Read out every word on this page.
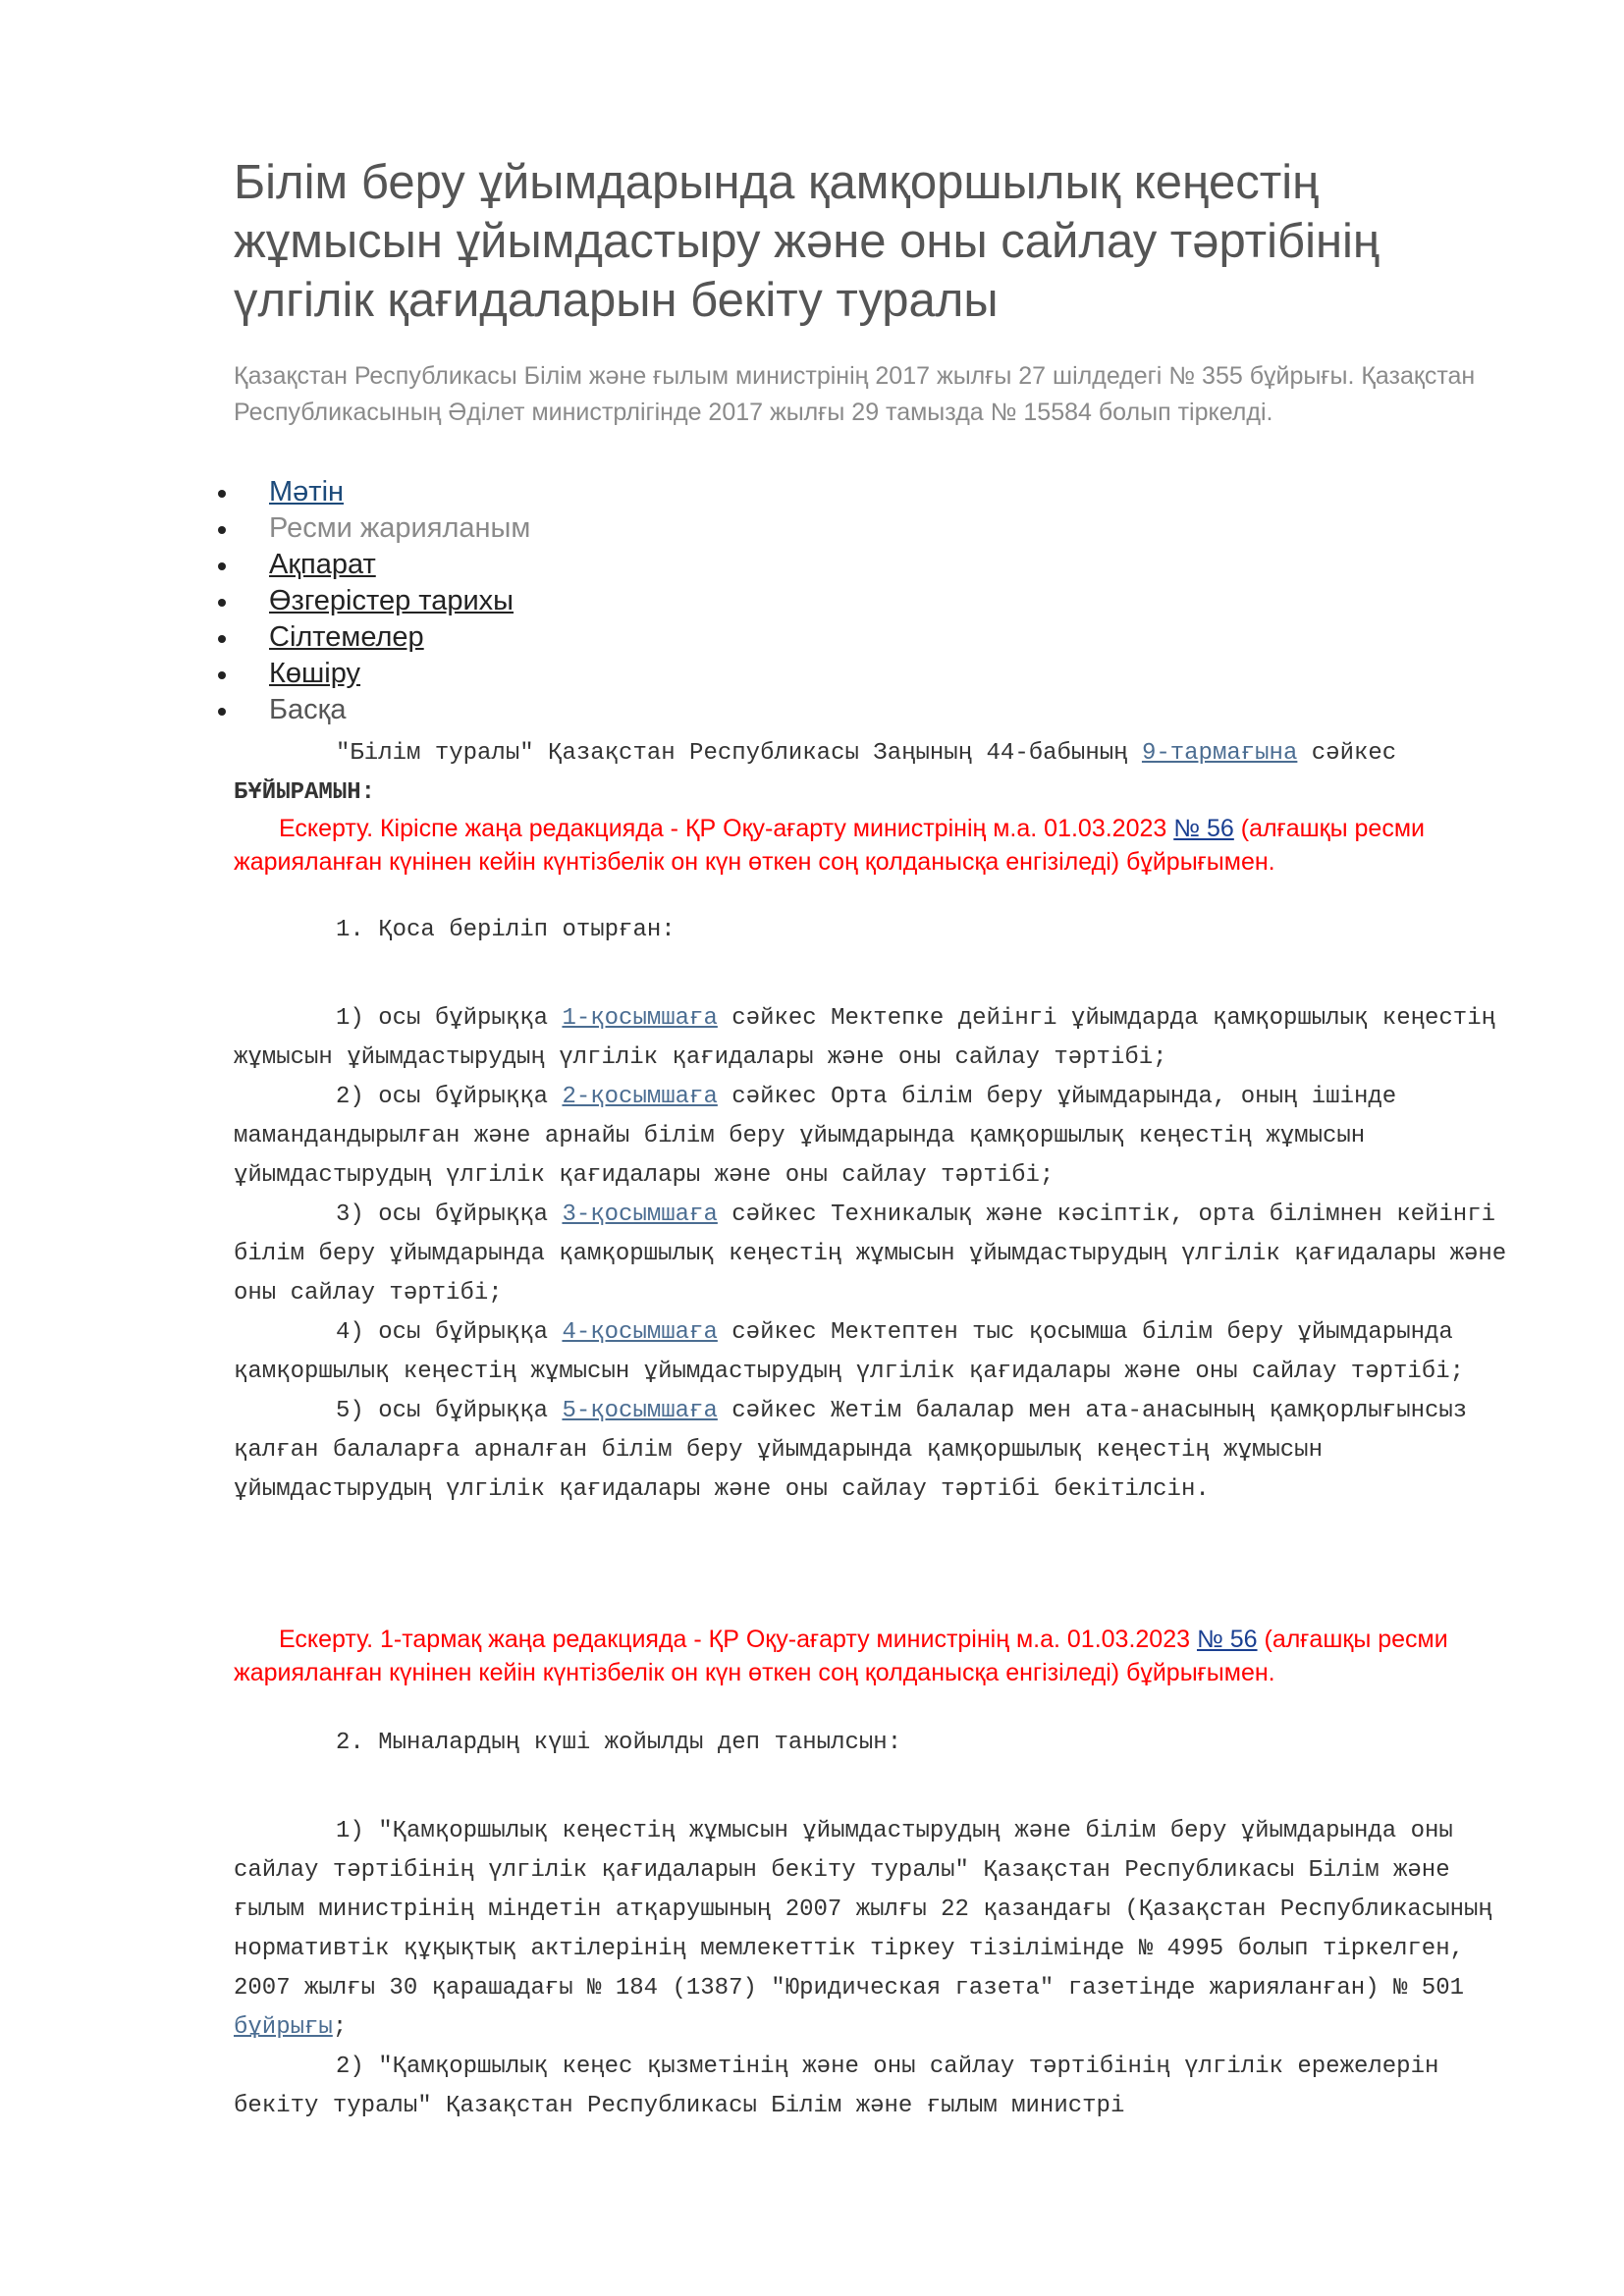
Білім беру ұйымдарында қамқоршылық кеңестің жұмысын ұйымдастыру және оны сайлау тәртібінің үлгілік қағидаларын бекіту туралы
Қазақстан Республикасы Білім және ғылым министрінің 2017 жылғы 27 шілдедегі № 355 бұйрығы. Қазақстан Республикасының Әділет министрлігінде 2017 жылғы 29 тамызда № 15584 болып тіркелді.
Мәтін
Ресми жарияланым
Ақпарат
Өзгерістер тарихы
Сілтемелер
Көшіру
Басқа

"Білім туралы" Қазақстан Республикасы Заңының 44-бабының 9-тармағына сәйкес БҰЙЫРАМЫН:

Ескерту. Кіріспе жаңа редакцияда - ҚР Оқу-ағарту министрінің м.а. 01.03.2023 № 56 (алғашқы ресми жарияланған күнінен кейін күнтізбелік он күн өткен соң қолданысқа енгізіледі) бұйрығымен.

1. Қоса беріліп отырған:

1) осы бұйрыққа 1-қосымшаға сәйкес Мектепке дейінгі ұйымдарда қамқоршылық кеңестің жұмысын ұйымдастырудың үлгілік қағидалары және оны сайлау тәртібі;

2) осы бұйрыққа 2-қосымшаға сәйкес Орта білім беру ұйымдарында, оның ішінде мамандандырылған және арнайы білім беру ұйымдарында қамқоршылық кеңестің жұмысын ұйымдастырудың үлгілік қағидалары және оны сайлау тәртібі;

3) осы бұйрыққа 3-қосымшаға сәйкес Техникалық және кәсіптік, орта білімнен кейінгі білім беру ұйымдарында қамқоршылық кеңестің жұмысын ұйымдастырудың үлгілік қағидалары және оны сайлау тәртібі;

4) осы бұйрыққа 4-қосымшаға сәйкес Мектептен тыс қосымша білім беру ұйымдарында қамқоршылық кеңестің жұмысын ұйымдастырудың үлгілік қағидалары және оны сайлау тәртібі;

5) осы бұйрыққа 5-қосымшаға сәйкес Жетім балалар мен ата-анасының қамқорлығынсыз қалған балаларға арналған білім беру ұйымдарында қамқоршылық кеңестің жұмысын ұйымдастырудың үлгілік қағидалары және оны сайлау тәртібі бекітілсін.

Ескерту. 1-тармақ жаңа редакцияда - ҚР Оқу-ағарту министрінің м.а. 01.03.2023 № 56 (алғашқы ресми жарияланған күнінен кейін күнтізбелік он күн өткен соң қолданысқа енгізіледі) бұйрығымен.

2. Мыналардың күші жойылды деп танылсын:

1) "Қамқоршылық кеңестің жұмысын ұйымдастырудың және білім беру ұйымдарында оны сайлау тәртібінің үлгілік қағидаларын бекіту туралы" Қазақстан Республикасы Білім және ғылым министрінің міндетін атқарушының 2007 жылғы 22 қазандағы (Қазақстан Республикасының нормативтік құқықтық актілерінің мемлекеттік тіркеу тізілімінде № 4995 болып тіркелген, 2007 жылғы 30 қарашадағы № 184 (1387) "Юридическая газета" газетінде жарияланған) № 501 бұйрығы;

2) "Қамқоршылық кеңес қызметінің және оны сайлау тәртібінің үлгілік ережелерін бекіту туралы" Қазақстан Республикасы Білім және ғылым министрі
